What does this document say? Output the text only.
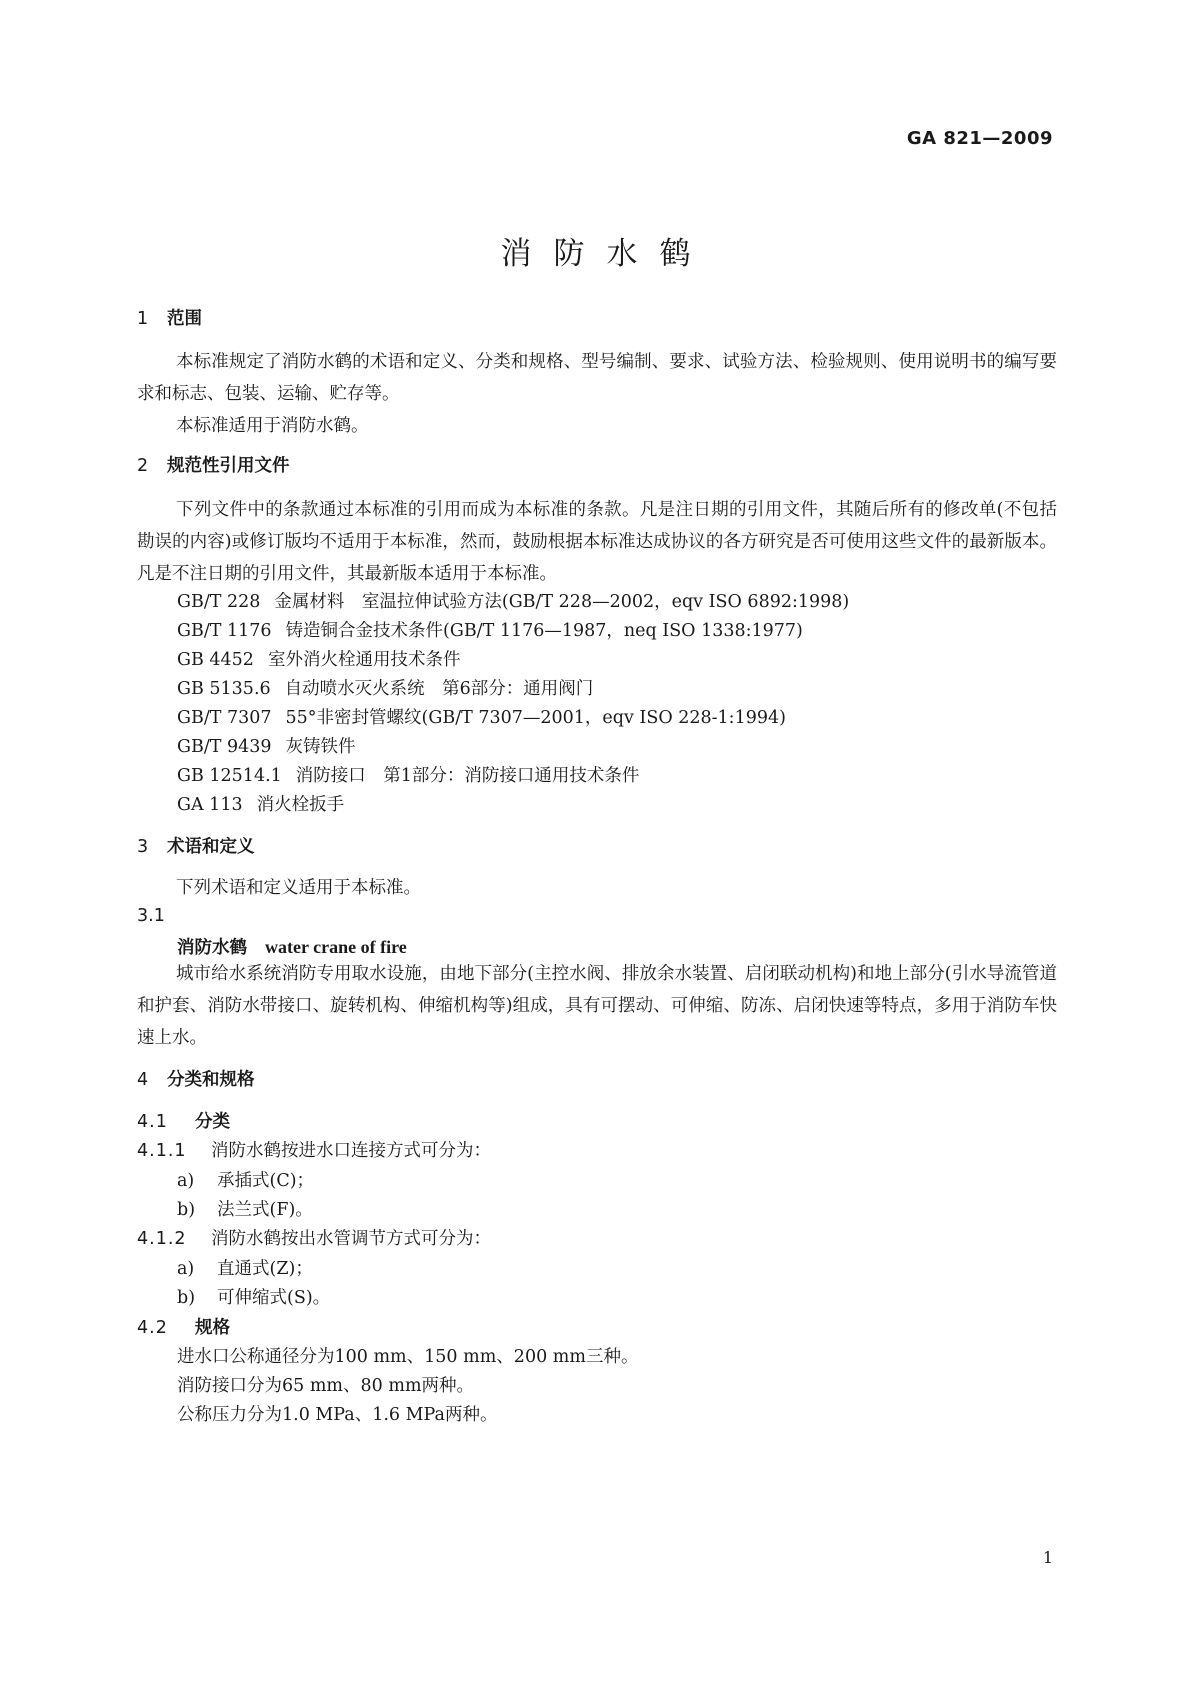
GA 821—2009
消防水鹤
1 范围
本标准规定了消防水鹤的术语和定义、分类和规格、型号编制、要求、试验方法、检验规则、使用说明书的编写要求和标志、包装、运输、贮存等。
本标准适用于消防水鹤。
2 规范性引用文件
下列文件中的条款通过本标准的引用而成为本标准的条款。凡是注日期的引用文件，其随后所有的修改单(不包括勘误的内容)或修订版均不适用于本标准，然而，鼓励根据本标准达成协议的各方研究是否可使用这些文件的最新版本。凡是不注日期的引用文件，其最新版本适用于本标准。
GB/T 228 金属材料　室温拉伸试验方法(GB/T 228—2002，eqv ISO 6892:1998)
GB/T 1176 铸造铜合金技术条件(GB/T 1176—1987，neq ISO 1338:1977)
GB 4452 室外消火栓通用技术条件
GB 5135.6 自动喷水灭火系统　第6部分：通用阀门
GB/T 7307 55°非密封管螺纹(GB/T 7307—2001，eqv ISO 228-1:1994)
GB/T 9439 灰铸铁件
GB 12514.1 消防接口　第1部分：消防接口通用技术条件
GA 113 消火栓扳手
3 术语和定义
下列术语和定义适用于本标准。
3.1
消防水鹤 water crane of fire
城市给水系统消防专用取水设施，由地下部分(主控水阀、排放余水装置、启闭联动机构)和地上部分(引水导流管道和护套、消防水带接口、旋转机构、伸缩机构等)组成，具有可摆动、可伸缩、防冻、启闭快速等特点，多用于消防车快速上水。
4 分类和规格
4.1 分类
4.1.1 消防水鹤按进水口连接方式可分为：
a) 承插式(C)；
b) 法兰式(F)。
4.1.2 消防水鹤按出水管调节方式可分为：
a) 直通式(Z)；
b) 可伸缩式(S)。
4.2 规格
进水口公称通径分为100 mm、150 mm、200 mm三种。
消防接口分为65 mm、80 mm两种。
公称压力分为1.0 MPa、1.6 MPa两种。
1
